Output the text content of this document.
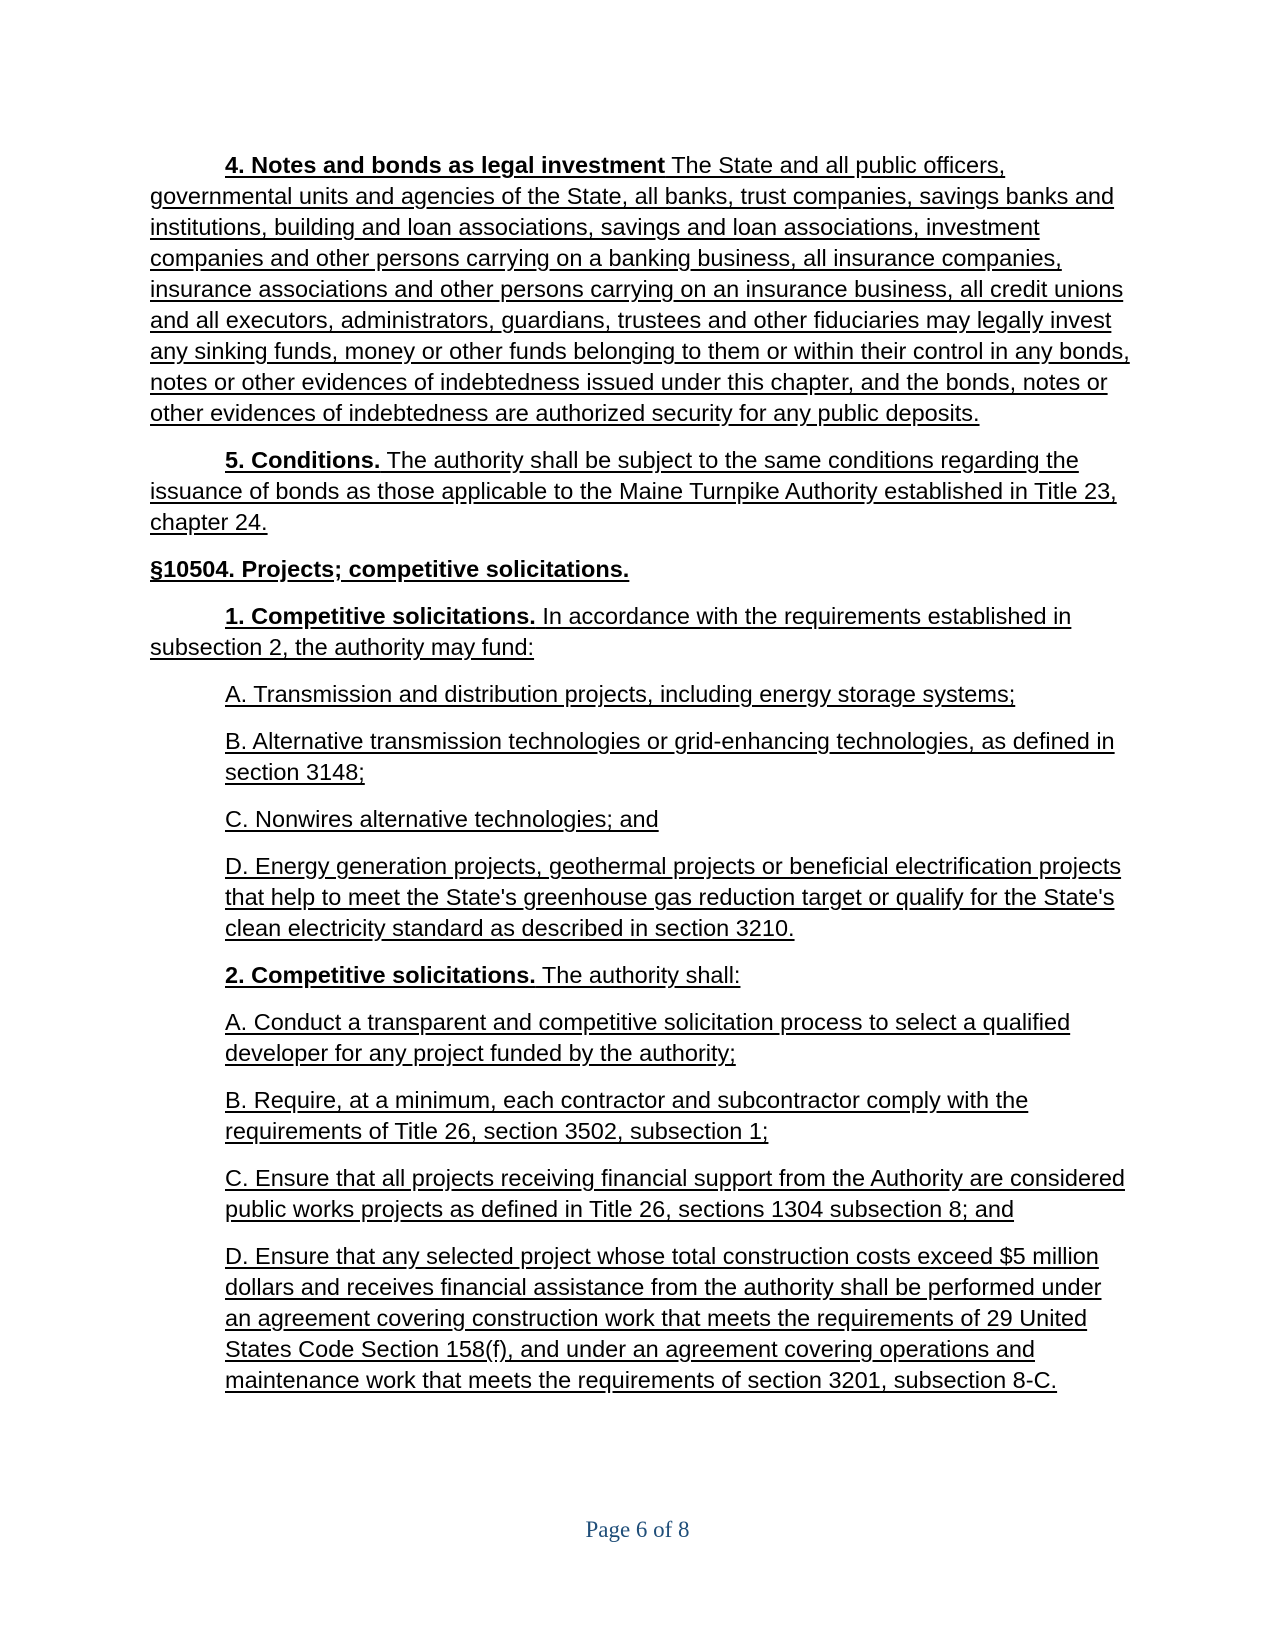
4. Notes and bonds as legal investment The State and all public officers, governmental units and agencies of the State, all banks, trust companies, savings banks and institutions, building and loan associations, savings and loan associations, investment companies and other persons carrying on a banking business, all insurance companies, insurance associations and other persons carrying on an insurance business, all credit unions and all executors, administrators, guardians, trustees and other fiduciaries may legally invest any sinking funds, money or other funds belonging to them or within their control in any bonds, notes or other evidences of indebtedness issued under this chapter, and the bonds, notes or other evidences of indebtedness are authorized security for any public deposits.

5. Conditions. The authority shall be subject to the same conditions regarding the issuance of bonds as those applicable to the Maine Turnpike Authority established in Title 23, chapter 24.

§10504. Projects; competitive solicitations.

1. Competitive solicitations. In accordance with the requirements established in subsection 2, the authority may fund:

A. Transmission and distribution projects, including energy storage systems;

B. Alternative transmission technologies or grid-enhancing technologies, as defined in section 3148;

C. Nonwires alternative technologies; and

D. Energy generation projects, geothermal projects or beneficial electrification projects that help to meet the State's greenhouse gas reduction target or qualify for the State's clean electricity standard as described in section 3210.

2. Competitive solicitations. The authority shall:

A. Conduct a transparent and competitive solicitation process to select a qualified developer for any project funded by the authority;

B. Require, at a minimum, each contractor and subcontractor comply with the requirements of Title 26, section 3502, subsection 1;

C. Ensure that all projects receiving financial support from the Authority are considered public works projects as defined in Title 26, sections 1304 subsection 8; and

D. Ensure that any selected project whose total construction costs exceed $5 million dollars and receives financial assistance from the authority shall be performed under an agreement covering construction work that meets the requirements of 29 United States Code Section 158(f), and under an agreement covering operations and maintenance work that meets the requirements of section 3201, subsection 8-C.

Page 6 of 8
